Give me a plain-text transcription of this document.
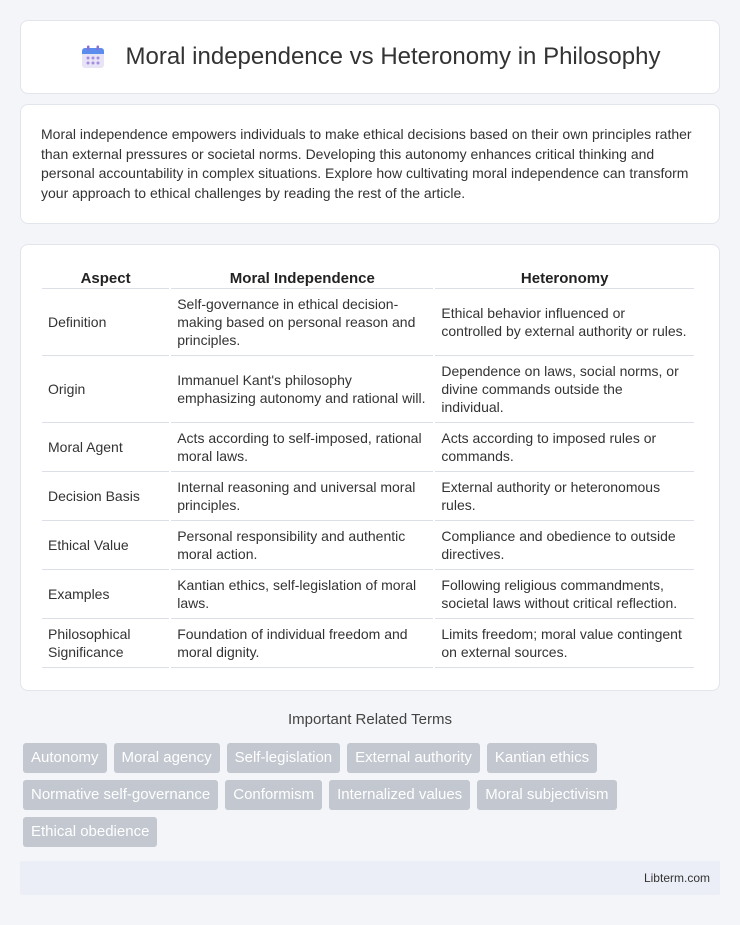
Moral independence vs Heteronomy in Philosophy

Moral independence empowers individuals to make ethical decisions based on their own principles rather than external pressures or societal norms. Developing this autonomy enhances critical thinking and personal accountability in complex situations. Explore how cultivating moral independence can transform your approach to ethical challenges by reading the rest of the article.

Aspect	Moral Independence	Heteronomy
Definition	Self-governance in ethical decision-making based on personal reason and principles.	Ethical behavior influenced or controlled by external authority or rules.
Origin	Immanuel Kant's philosophy emphasizing autonomy and rational will.	Dependence on laws, social norms, or divine commands outside the individual.
Moral Agent	Acts according to self-imposed, rational moral laws.	Acts according to imposed rules or commands.
Decision Basis	Internal reasoning and universal moral principles.	External authority or heteronomous rules.
Ethical Value	Personal responsibility and authentic moral action.	Compliance and obedience to outside directives.
Examples	Kantian ethics, self-legislation of moral laws.	Following religious commandments, societal laws without critical reflection.
Philosophical Significance	Foundation of individual freedom and moral dignity.	Limits freedom; moral value contingent on external sources.
Important Related Terms
Autonomy	Moral agency	Self-legislation	External authority	Kantian ethics
Normative self-governance	Conformism	Internalized values	Moral subjectivism
Ethical obedience
Libterm.com
